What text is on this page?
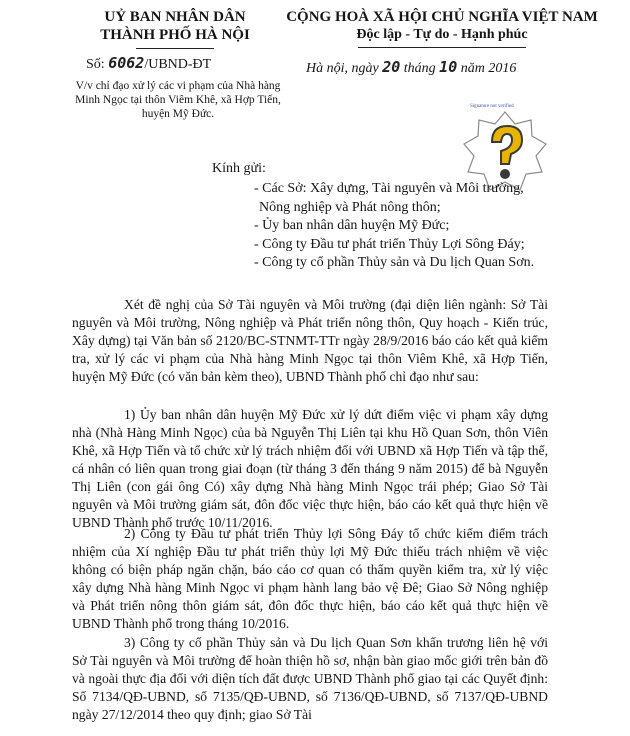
UỶ BAN NHÂN DÂN
THÀNH PHỐ HÀ NỘI
CỘNG HOÀ XÃ HỘI CHỦ NGHĨA VIỆT NAM
Độc lập - Tự do - Hạnh phúc
Số: 6062/UBND-ĐT	Hà nội, ngày 20 tháng 10 năm 2016
V/v chỉ đạo xử lý các vi phạm của Nhà hàng Minh Ngọc tại thôn Viêm Khê, xã Hợp Tiến, huyện Mỹ Đức.
Signature not verified
Kính gửi:
- Các Sở: Xây dựng, Tài nguyên và Môi trường,
Nông nghiệp và Phát nông thôn;
- Ủy ban nhân dân huyện Mỹ Đức;
- Công ty Đầu tư phát triển Thủy Lợi Sông Đáy;
- Công ty cổ phần Thủy sản và Du lịch Quan Sơn.
Xét đề nghị của Sở Tài nguyên và Môi trường (đại diện liên ngành: Sở Tài nguyên và Môi trường, Nông nghiệp và Phát triển nông thôn, Quy hoạch - Kiến trúc, Xây dựng) tại Văn bản số 2120/BC-STNMT-TTr ngày 28/9/2016 báo cáo kết quả kiểm tra, xử lý các vi phạm của Nhà hàng Minh Ngọc tại thôn Viêm Khê, xã Hợp Tiến, huyện Mỹ Đức (có văn bản kèm theo), UBND Thành phố chỉ đạo như sau:
1) Ủy ban nhân dân huyện Mỹ Đức xử lý dứt điểm việc vi phạm xây dựng nhà (Nhà Hàng Minh Ngọc) của bà Nguyễn Thị Liên tại khu Hồ Quan Sơn, thôn Viên Khê, xã Hợp Tiến và tổ chức xử lý trách nhiệm đối với UBND xã Hợp Tiến và tập thể, cá nhân có liên quan trong giai đoạn (từ tháng 3 đến tháng 9 năm 2015) để bà Nguyễn Thị Liên (con gái ông Có) xây dựng Nhà hàng Minh Ngọc trái phép; Giao Sở Tài nguyên và Môi trường giám sát, đôn đốc việc thực hiện, báo cáo kết quả thực hiện về UBND Thành phố trước 10/11/2016.
2) Công ty Đầu tư phát triển Thủy lợi Sông Đáy tổ chức kiểm điểm trách nhiệm của Xí nghiệp Đầu tư phát triển thủy lợi Mỹ Đức thiếu trách nhiệm về việc không có biện pháp ngăn chặn, báo cáo cơ quan có thẩm quyền kiểm tra, xử lý việc xây dựng Nhà hàng Minh Ngọc vi phạm hành lang bảo vệ Đê; Giao Sở Nông nghiệp và Phát triển nông thôn giám sát, đôn đốc thực hiện, báo cáo kết quả thực hiện về UBND Thành phố trong tháng 10/2016.
3) Công ty cổ phần Thủy sản và Du lịch Quan Sơn khẩn trương liên hệ với Sở Tài nguyên và Môi trường để hoàn thiện hồ sơ, nhận bàn giao mốc giới trên bản đồ và ngoài thực địa đối với diện tích đất được UBND Thành phố giao tại các Quyết định: Số 7134/QĐ-UBND, số 7135/QĐ-UBND, số 7136/QĐ-UBND, số 7137/QĐ-UBND ngày 27/12/2014 theo quy định; giao Sở Tài
